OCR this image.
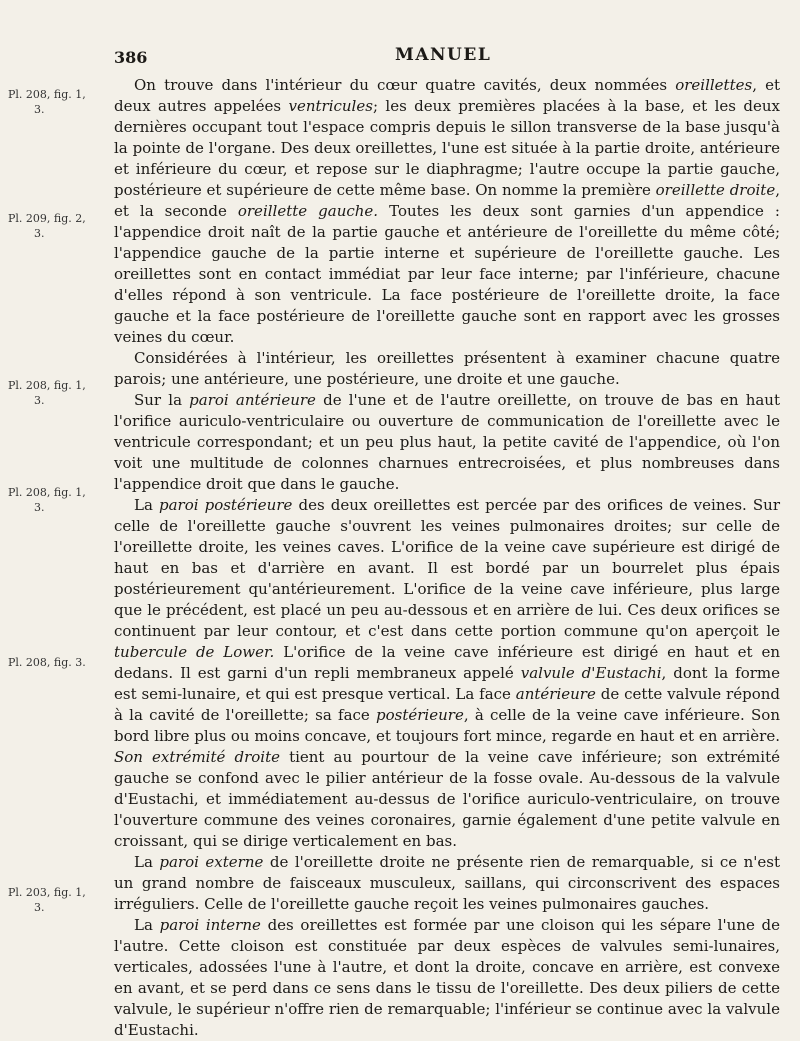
386	MANUEL
Pl. 208, fig. 1,
3.
Pl. 209, fig. 2,
3.
Pl. 208, fig. 1,
3.
Pl. 208, fig. 1,
3.
Pl. 208, fig. 3.
Pl. 203, fig. 1,
3.

On trouve dans l'intérieur du cœur quatre cavités, deux nommées oreillettes, et deux autres appelées ventricules; les deux premières placées à la base, et les deux dernières occupant tout l'espace compris depuis le sillon transverse de la base jusqu'à la pointe de l'organe. Des deux oreillettes, l'une est située à la partie droite, antérieure et inférieure du cœur, et repose sur le diaphragme; l'autre occupe la partie gauche, postérieure et supérieure de cette même base. On nomme la première oreillette droite, et la seconde oreillette gauche. Toutes les deux sont garnies d'un appendice : l'appendice droit naît de la partie gauche et antérieure de l'oreillette du même côté; l'appendice gauche de la partie interne et supérieure de l'oreillette gauche. Les oreillettes sont en contact immédiat par leur face interne; par l'inférieure, chacune d'elles répond à son ventricule. La face postérieure de l'oreillette droite, la face gauche et la face postérieure de l'oreillette gauche sont en rapport avec les grosses veines du cœur.

Considérées à l'intérieur, les oreillettes présentent à examiner chacune quatre parois; une antérieure, une postérieure, une droite et une gauche.

Sur la paroi antérieure de l'une et de l'autre oreillette, on trouve de bas en haut l'orifice auriculo-ventriculaire ou ouverture de communication de l'oreillette avec le ventricule correspondant; et un peu plus haut, la petite cavité de l'appendice, où l'on voit une multitude de colonnes charnues entrecroisées, et plus nombreuses dans l'appendice droit que dans le gauche.

La paroi postérieure des deux oreillettes est percée par des orifices de veines. Sur celle de l'oreillette gauche s'ouvrent les veines pulmonaires droites; sur celle de l'oreillette droite, les veines caves. L'orifice de la veine cave supérieure est dirigé de haut en bas et d'arrière en avant. Il est bordé par un bourrelet plus épais postérieurement qu'antérieurement. L'orifice de la veine cave inférieure, plus large que le précédent, est placé un peu au-dessous et en arrière de lui. Ces deux orifices se continuent par leur contour, et c'est dans cette portion commune qu'on aperçoit le tubercule de Lower. L'orifice de la veine cave inférieure est dirigé en haut et en dedans. Il est garni d'un repli membraneux appelé valvule d'Eustachi, dont la forme est semi-lunaire, et qui est presque vertical. La face antérieure de cette valvule répond à la cavité de l'oreillette; sa face postérieure, à celle de la veine cave inférieure. Son bord libre plus ou moins concave, et toujours fort mince, regarde en haut et en arrière. Son extrémité droite tient au pourtour de la veine cave inférieure; son extrémité gauche se confond avec le pilier antérieur de la fosse ovale. Au-dessous de la valvule d'Eustachi, et immédiatement au-dessus de l'orifice auriculo-ventriculaire, on trouve l'ouverture commune des veines coronaires, garnie également d'une petite valvule en croissant, qui se dirige verticalement en bas.

La paroi externe de l'oreillette droite ne présente rien de remarquable, si ce n'est un grand nombre de faisceaux musculeux, saillans, qui circonscrivent des espaces irréguliers. Celle de l'oreillette gauche reçoit les veines pulmonaires gauches.

La paroi interne des oreillettes est formée par une cloison qui les sépare l'une de l'autre. Cette cloison est constituée par deux espèces de valvules semi-lunaires, verticales, adossées l'une à l'autre, et dont la droite, concave en arrière, est convexe en avant, et se perd dans ce sens dans le tissu de l'oreillette. Des deux piliers de cette valvule, le supérieur n'offre rien de remarquable; l'inférieur se continue avec la valvule d'Eustachi.
